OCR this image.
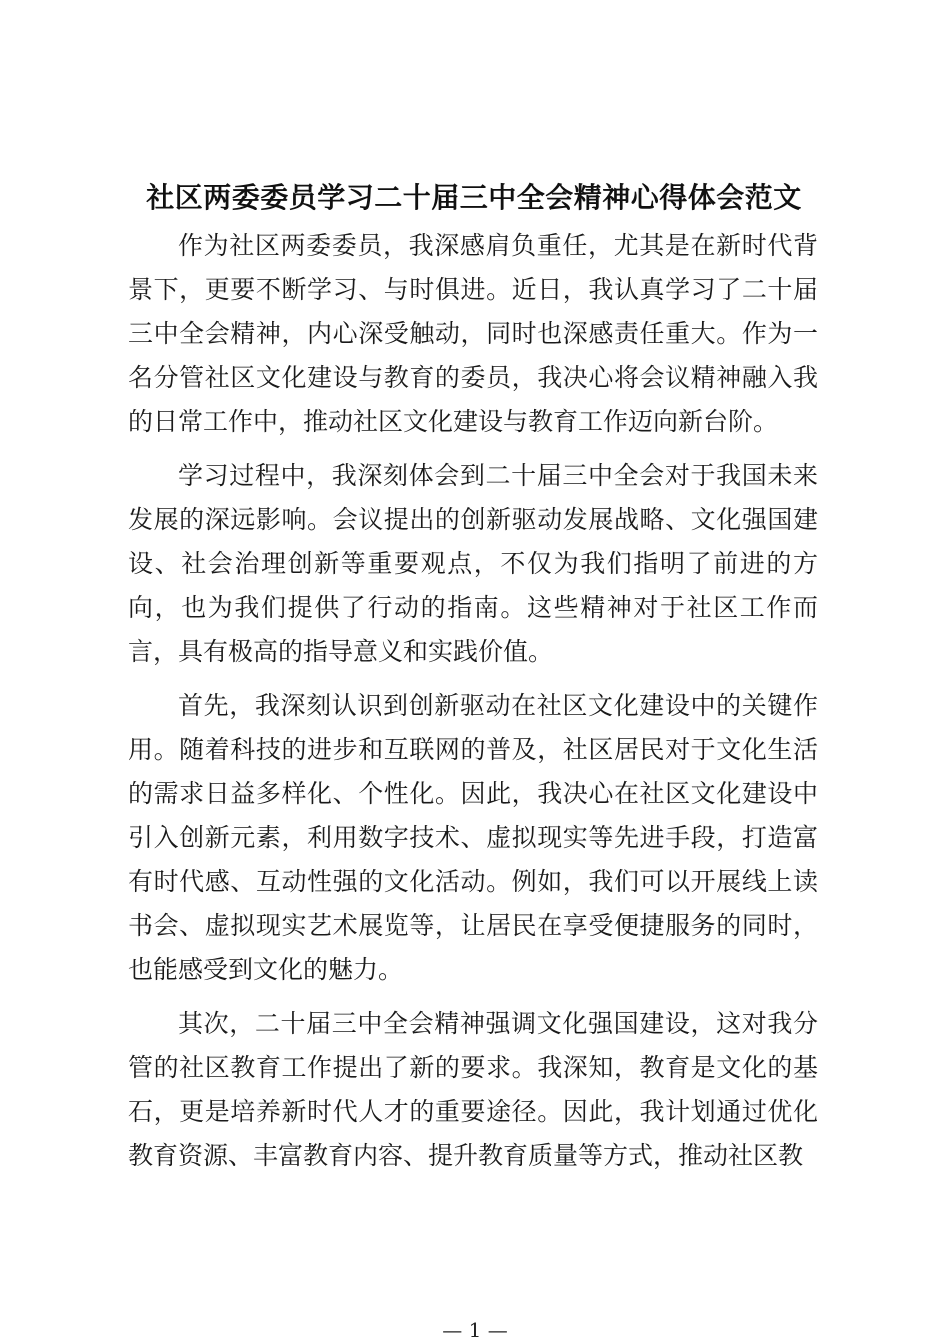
社区两委委员学习二十届三中全会精神心得体会范文

作为社区两委委员，我深感肩负重任，尤其是在新时代背景下，更要不断学习、与时俱进。近日，我认真学习了二十届三中全会精神，内心深受触动，同时也深感责任重大。作为一名分管社区文化建设与教育的委员，我决心将会议精神融入我的日常工作中，推动社区文化建设与教育工作迈向新台阶。

学习过程中，我深刻体会到二十届三中全会对于我国未来发展的深远影响。会议提出的创新驱动发展战略、文化强国建设、社会治理创新等重要观点，不仅为我们指明了前进的方向，也为我们提供了行动的指南。这些精神对于社区工作而言，具有极高的指导意义和实践价值。

首先，我深刻认识到创新驱动在社区文化建设中的关键作用。随着科技的进步和互联网的普及，社区居民对于文化生活的需求日益多样化、个性化。因此，我决心在社区文化建设中引入创新元素，利用数字技术、虚拟现实等先进手段，打造富有时代感、互动性强的文化活动。例如，我们可以开展线上读书会、虚拟现实艺术展览等，让居民在享受便捷服务的同时，也能感受到文化的魅力。

其次，二十届三中全会精神强调文化强国建设，这对我分管的社区教育工作提出了新的要求。我深知，教育是文化的基石，更是培养新时代人才的重要途径。因此，我计划通过优化教育资源、丰富教育内容、提升教育质量等方式，推动社区教

— 1 —
